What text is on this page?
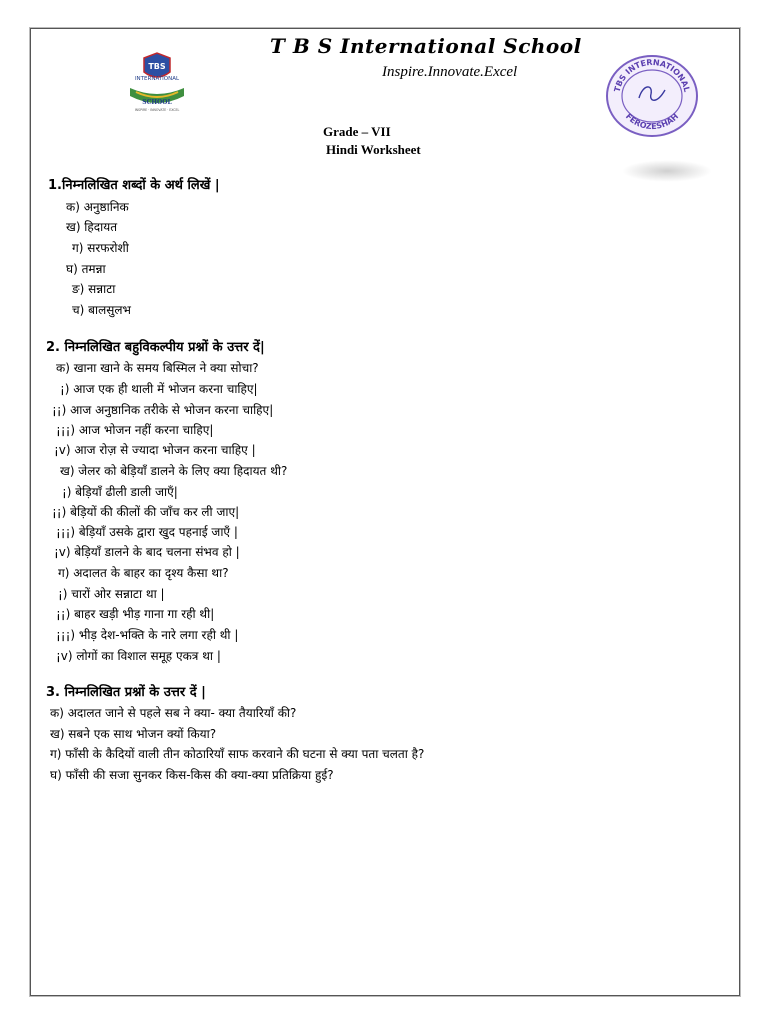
TBS
INTERNATIONAL
SCHOOL
INSPIRE · INNOVATE · EXCEL
T B S International School
Inspire.Innovate.Excel
TBS INTERNATIONAL
FEROZESHAH
Grade – VII
Hindi Worksheet
1.निम्नलिखित शब्दों के अर्थ लिखें |
क) अनुष्ठानिक
ख) हिदायत
ग) सरफरोशी
घ) तमन्ना
ङ) सन्नाटा
च) बालसुलभ
2. निम्नलिखित बहुविकल्पीय प्रश्नों के उत्तर दें|
क) खाना खाने के समय बिस्मिल ने क्या सोचा?
¡) आज एक ही थाली में भोजन करना चाहिए|
¡¡) आज अनुष्ठानिक तरीके से भोजन करना चाहिए|
¡¡¡) आज भोजन नहीं करना चाहिए|
¡v) आज रोज़ से ज्यादा भोजन करना चाहिए |
ख) जेलर को बेड़ियाँ डालने के लिए क्या हिदायत थी?
¡) बेड़ियाँ ढीली डाली जाएँ|
¡¡) बेड़ियों की कीलों की जाँच कर ली जाए|
¡¡¡) बेड़ियाँ उसके द्वारा खुद पहनाई जाएँ |
¡v) बेड़ियाँ डालने के बाद चलना संभव हो |
ग) अदालत के बाहर का दृश्य कैसा था?
¡) चारों ओर सन्नाटा था |
¡¡) बाहर खड़ी भीड़ गाना गा रही थी|
¡¡¡) भीड़ देश-भक्ति के नारे लगा रही थी |
¡v) लोगों का विशाल समूह एकत्र था |
3. निम्नलिखित प्रश्नों के उत्तर दें |
क) अदालत जाने से पहले सब ने क्या- क्या तैयारियाँ की?
ख) सबने एक साथ भोजन क्यों किया?
ग) फाँसी के कैदियों वाली तीन कोठारियाँ साफ करवाने की घटना से क्या पता चलता है?
घ) फाँसी की सजा सुनकर किस-किस की क्या-क्या प्रतिक्रिया हुई?
